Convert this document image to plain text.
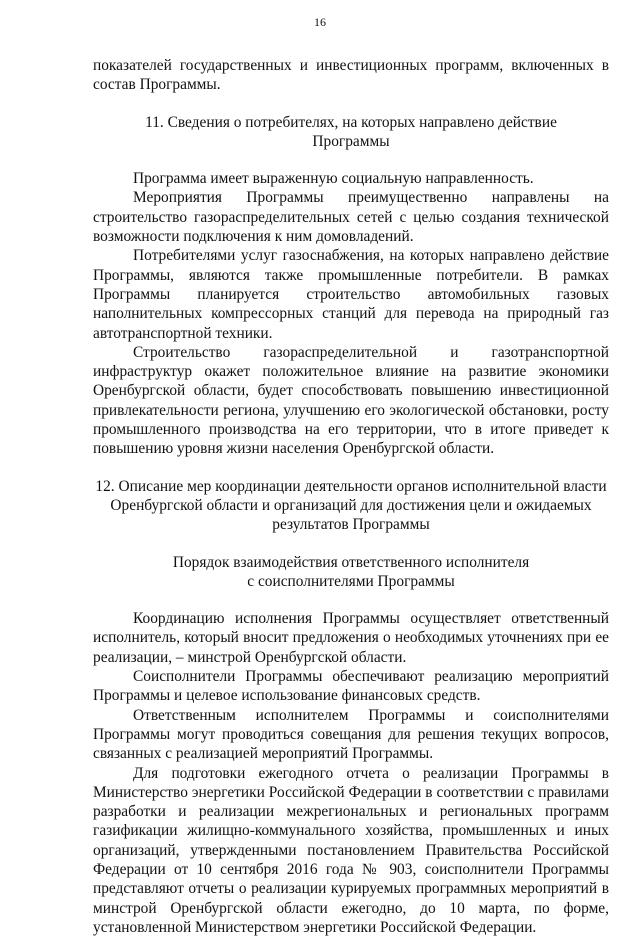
16

показателей государственных и инвестиционных программ, включенных в состав Программы.

11. Сведения о потребителях, на которых направлено действие

Программы

Программа имеет выраженную социальную направленность.

Мероприятия Программы преимущественно направлены на строительство газораспределительных сетей с целью создания технической возможности подключения к ним домовладений.

Потребителями услуг газоснабжения, на которых направлено действие Программы, являются также промышленные потребители. В рамках Программы планируется строительство автомобильных газовых наполнительных компрессорных станций для перевода на природный газ автотранспортной техники.

Строительство газораспределительной и газотранспортной инфраструктур окажет положительное влияние на развитие экономики Оренбургской области, будет способствовать повышению инвестиционной привлекательности региона, улучшению его экологической обстановки, росту промышленного производства на его территории, что в итоге приведет к повышению уровня жизни населения Оренбургской области.

12. Описание мер координации деятельности органов исполнительной власти

Оренбургской области и организаций для достижения цели и ожидаемых

результатов Программы

Порядок взаимодействия ответственного исполнителя

с соисполнителями Программы

Координацию исполнения Программы осуществляет ответственный исполнитель, который вносит предложения о необходимых уточнениях при ее реализации, – минстрой Оренбургской области.

Соисполнители Программы обеспечивают реализацию мероприятий Программы и целевое использование финансовых средств.

Ответственным исполнителем Программы и соисполнителями Программы могут проводиться совещания для решения текущих вопросов, связанных с реализацией мероприятий Программы.

Для подготовки ежегодного отчета о реализации Программы в Министерство энергетики Российской Федерации в соответствии с правилами разработки и реализации межрегиональных и региональных программ газификации жилищно-коммунального хозяйства, промышленных и иных организаций, утвержденными постановлением Правительства Российской Федерации от 10 сентября 2016 года № 903, соисполнители Программы представляют отчеты о реализации курируемых программных мероприятий в минстрой Оренбургской области ежегодно, до 10 марта, по форме, установленной Министерством энергетики Российской Федерации.
